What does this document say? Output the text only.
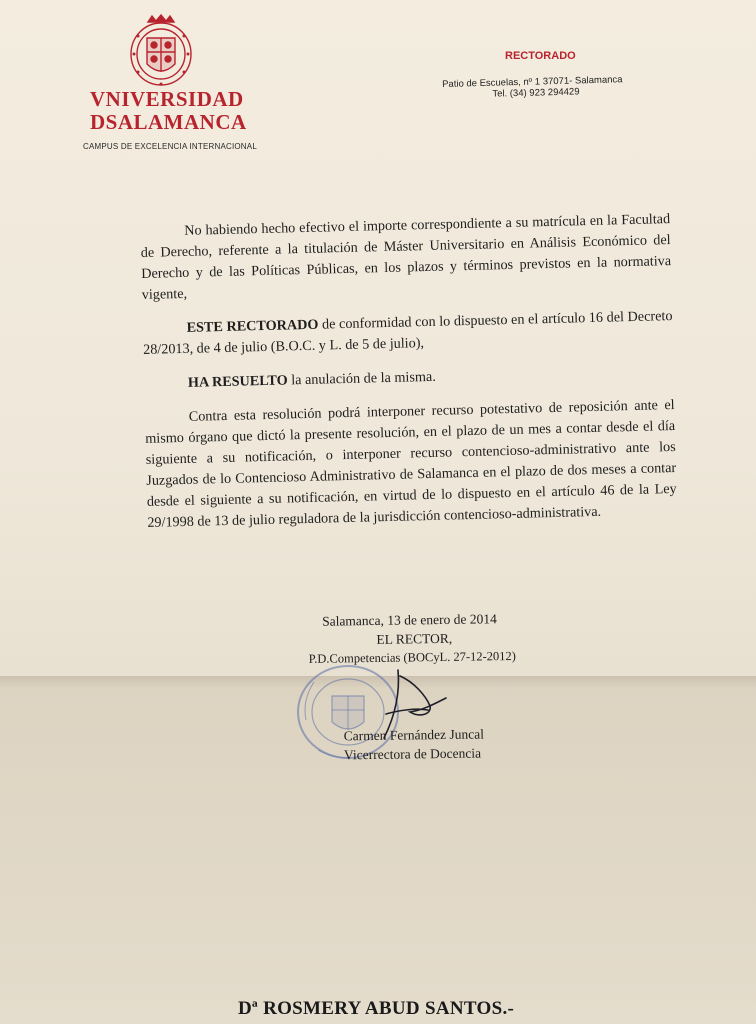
VNIVERSIDAD
DSALAMANCA
CAMPUS DE EXCELENCIA INTERNACIONAL
RECTORADO
Patio de Escuelas, nº 1 37071- Salamanca
Tel. (34) 923 294429

No habiendo hecho efectivo el importe correspondiente a su matrícula en la Facultad de Derecho, referente a la titulación de Máster Universitario en Análisis Económico del Derecho y de las Políticas Públicas, en los plazos y términos previstos en la normativa vigente,

ESTE RECTORADO de conformidad con lo dispuesto en el artículo 16 del Decreto 28/2013, de 4 de julio (B.O.C. y L. de 5 de julio),

HA RESUELTO la anulación de la misma.

Contra esta resolución podrá interponer recurso potestativo de reposición ante el mismo órgano que dictó la presente resolución, en el plazo de un mes a contar desde el día siguiente a su notificación, o interponer recurso contencioso-administrativo ante los Juzgados de lo Contencioso Administrativo de Salamanca en el plazo de dos meses a contar desde el siguiente a su notificación, en virtud de lo dispuesto en el artículo 46 de la Ley 29/1998 de 13 de julio reguladora de la jurisdicción contencioso-administrativa.

Salamanca, 13 de enero de 2014
EL RECTOR,
P.D.Competencias (BOCyL. 27-12-2012)
Carmen Fernández Juncal
Vicerrectora de Docencia
Dª ROSMERY ABUD SANTOS.-
